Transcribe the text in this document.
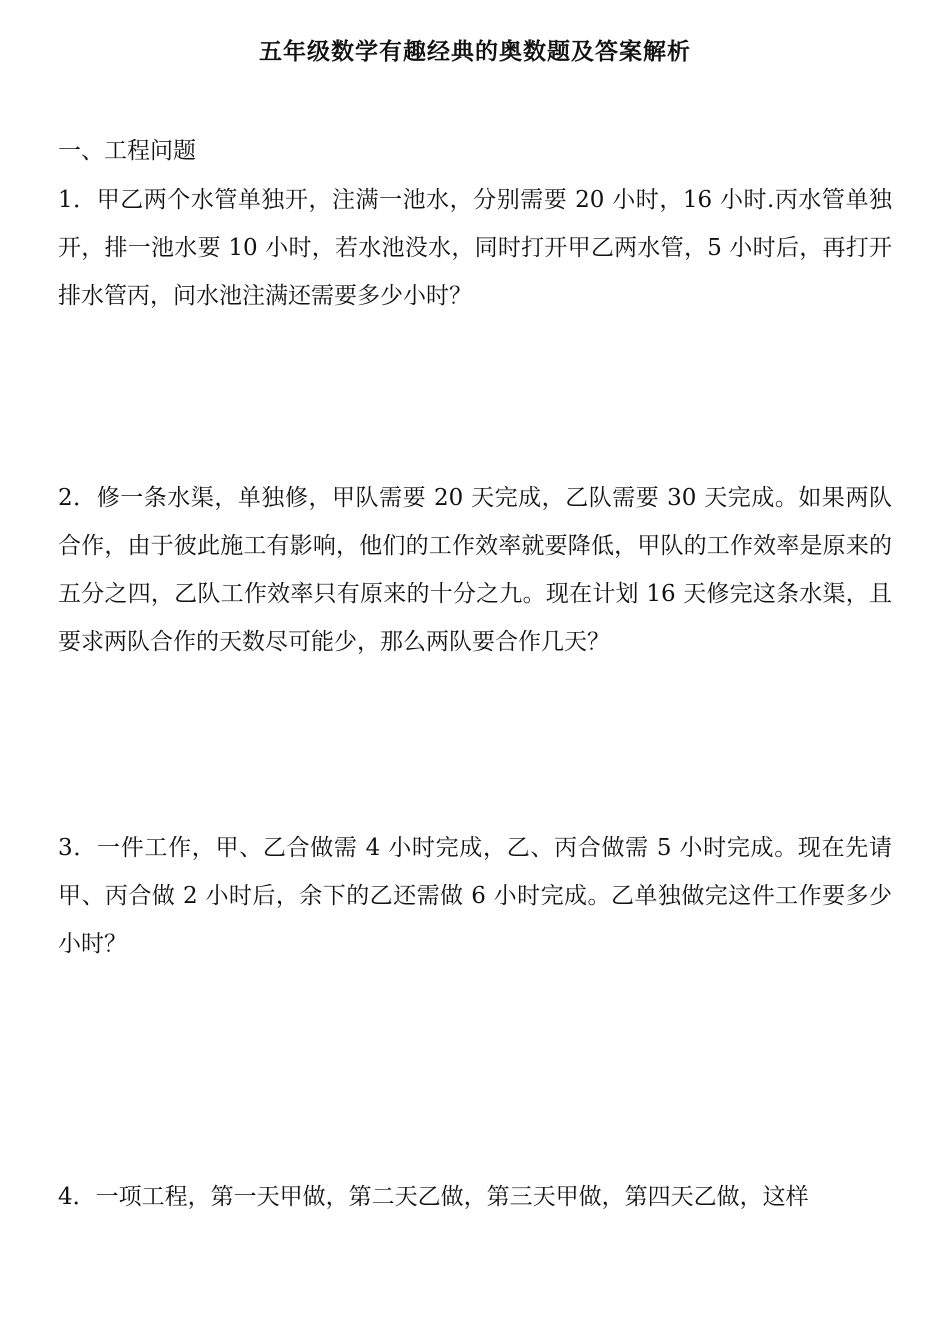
五年级数学有趣经典的奥数题及答案解析
一、工程问题

1．甲乙两个水管单独开，注满一池水，分别需要 20 小时，16 小时.丙水管单独开，排一池水要 10 小时，若水池没水，同时打开甲乙两水管，5 小时后，再打开排水管丙，问水池注满还需要多少小时？

2．修一条水渠，单独修，甲队需要 20 天完成，乙队需要 30 天完成。如果两队合作，由于彼此施工有影响，他们的工作效率就要降低，甲队的工作效率是原来的五分之四，乙队工作效率只有原来的十分之九。现在计划 16 天修完这条水渠，且要求两队合作的天数尽可能少，那么两队要合作几天？

3．一件工作，甲、乙合做需 4 小时完成，乙、丙合做需 5 小时完成。现在先请甲、丙合做 2 小时后，余下的乙还需做 6 小时完成。乙单独做完这件工作要多少小时？

4．一项工程，第一天甲做，第二天乙做，第三天甲做，第四天乙做，这样
